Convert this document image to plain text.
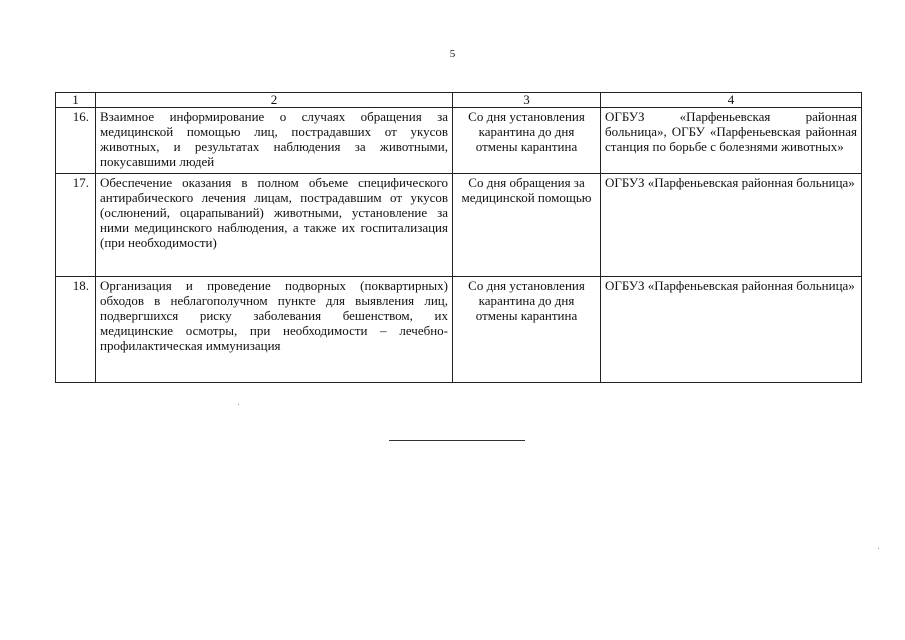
5
1	2	3	4
16.	Взаимное информирование о случаях обращения за медицинской помощью лиц, пострадавших от укусов животных, и результатах наблюдения за животными, покусавшими людей	Со дня установления карантина до дня отмены карантина	ОГБУЗ «Парфеньевская районная больница», ОГБУ «Парфеньевская районная станция по борьбе с болезнями животных»
17.	Обеспечение оказания в полном объеме специфического антирабического лечения лицам, пострадавшим от укусов (ослюнений, оцарапываний) животными, установление за ними медицинского наблюдения, а также их госпитализация (при необходимости)	Со дня обращения за медицинской помощью	ОГБУЗ «Парфеньевская районная больница»
18.	Организация и проведение подворных (поквартирных) обходов в неблагополучном пункте для выявления лиц, подвергшихся риску заболевания бешенством, их медицинские осмотры, при необходимости – лечебно-профилактическая иммунизация	Со дня установления карантина до дня отмены карантина	ОГБУЗ «Парфеньевская районная больница»
